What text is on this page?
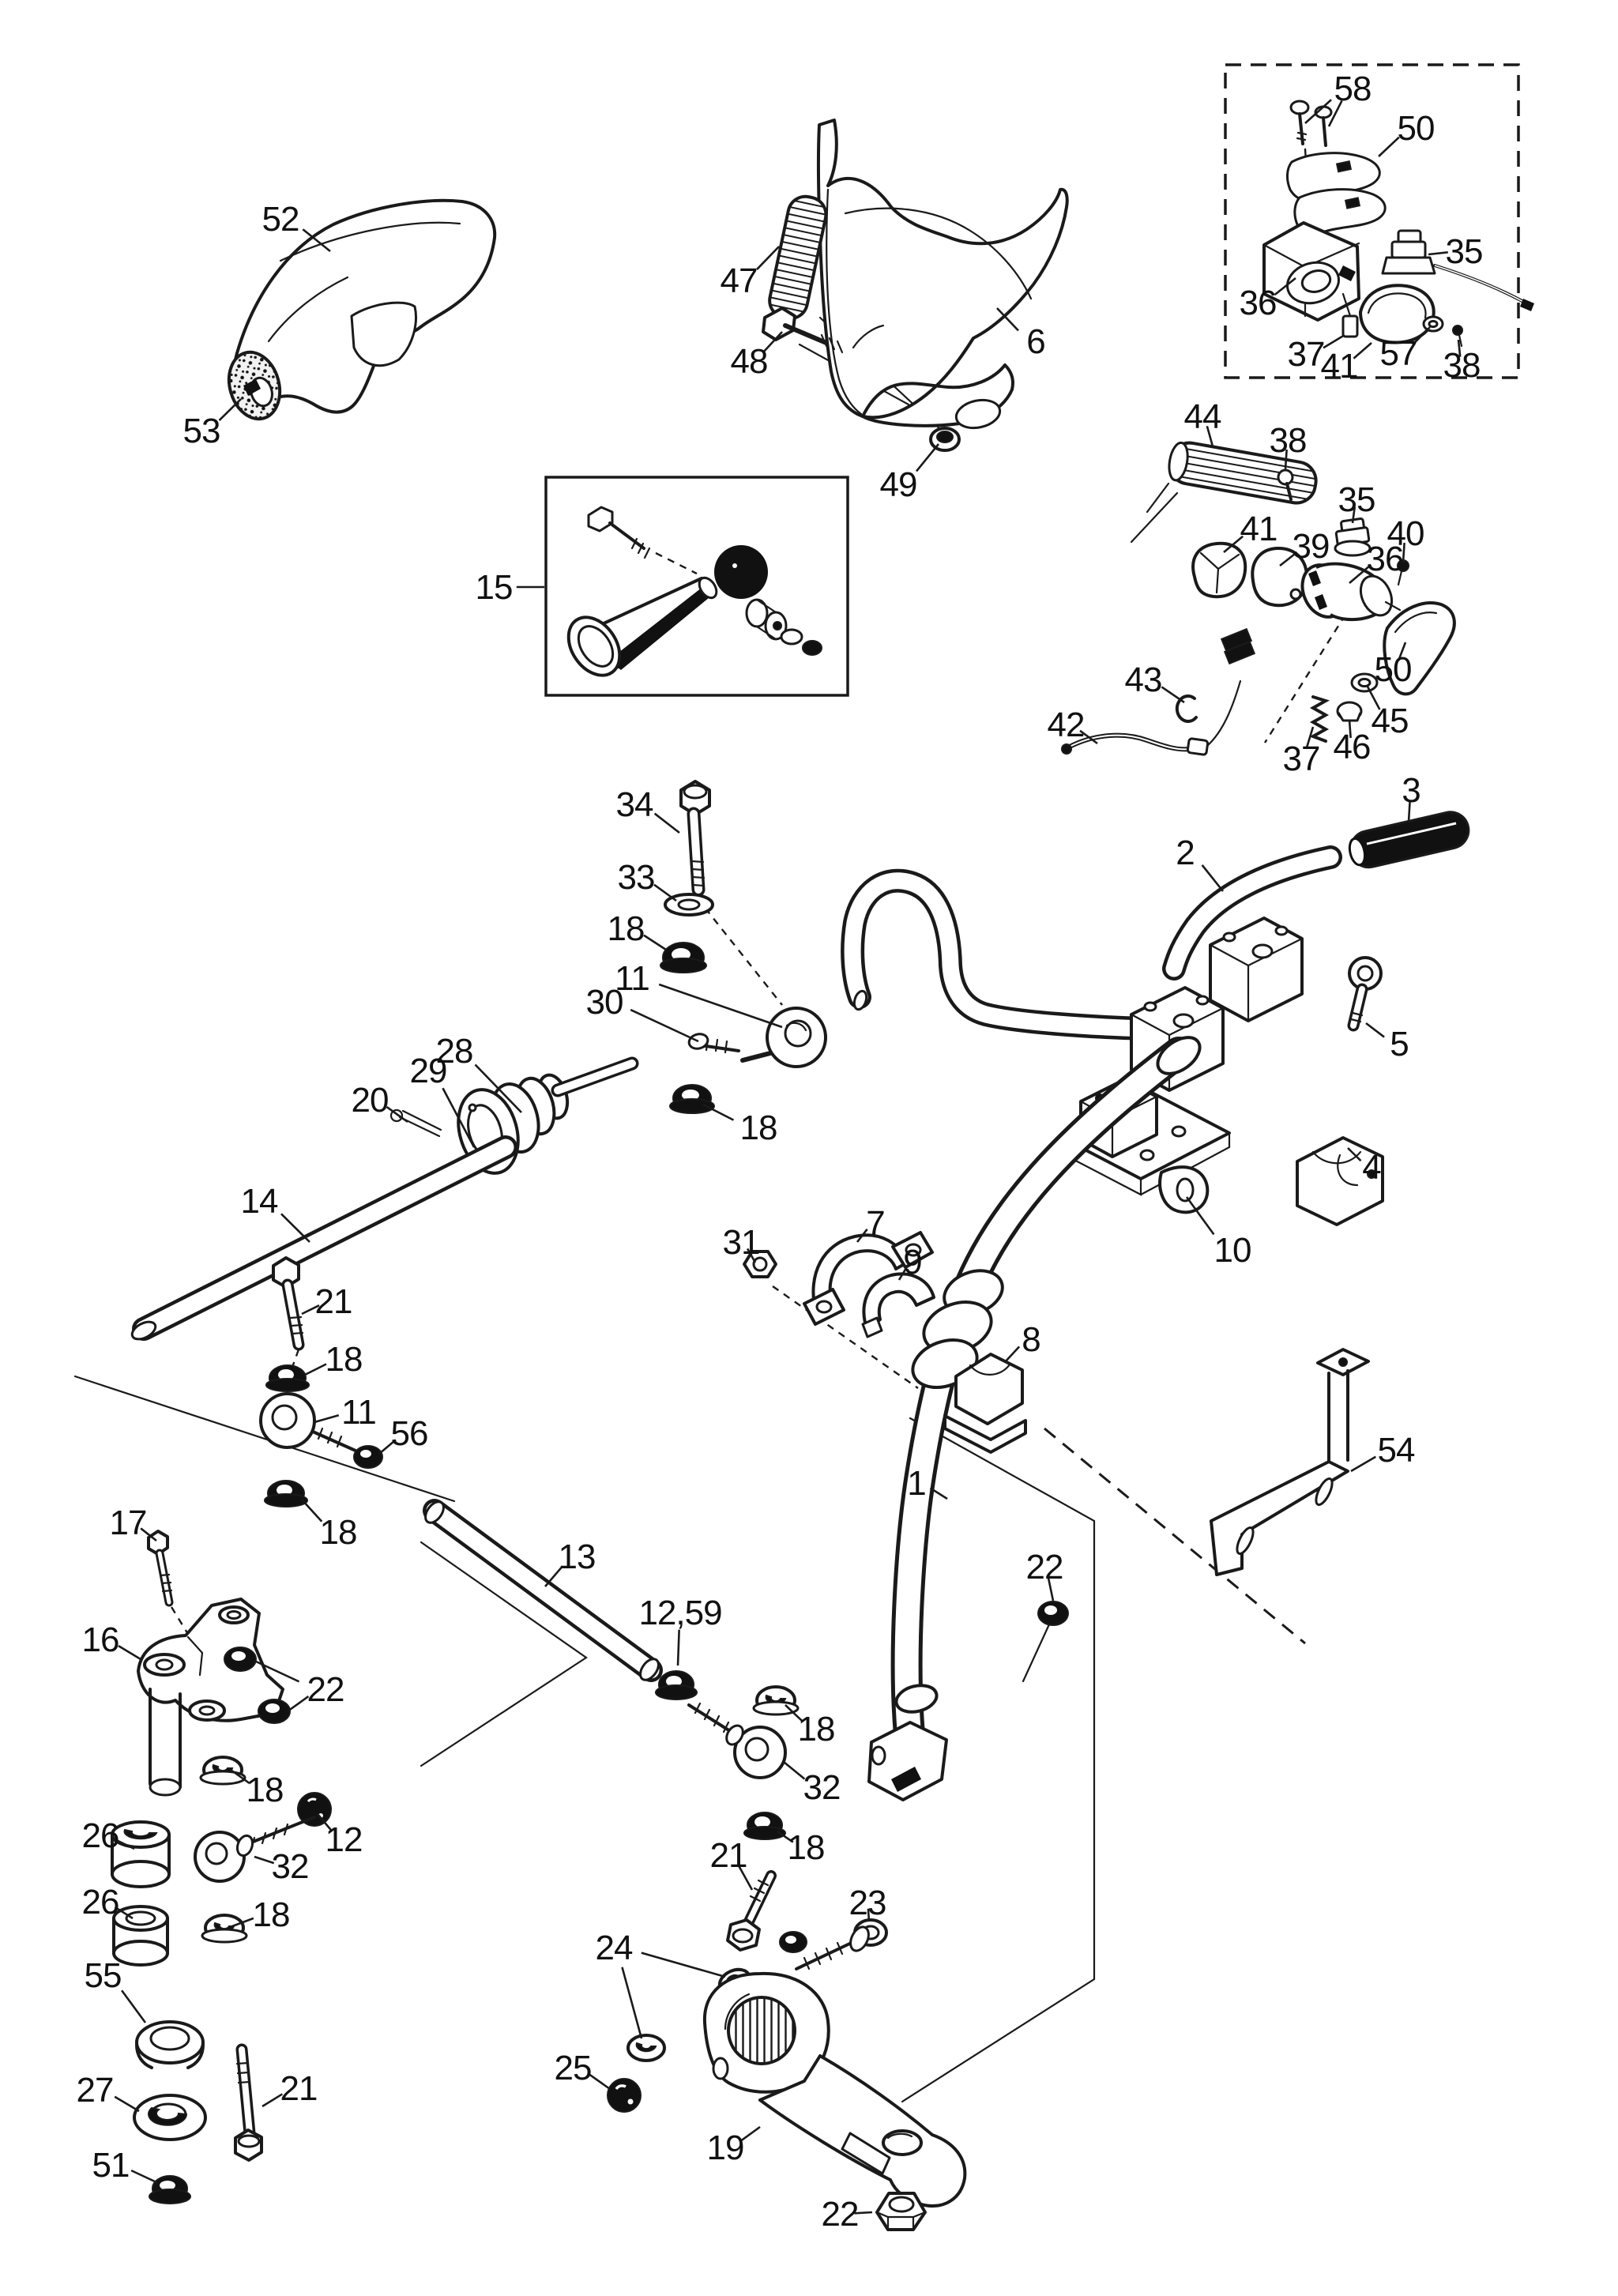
52
53
47
48
6
49
58
50
35
36
37
41 57 38
15
44
38
35
41 39 36
40
50
43
42	45
46
37
3
2
5
4
10
34
33
18
11
30
28
29
20
18
14
21
18
11
56
18
17
16
22
18
12
32
26
26	18
55
27	21
51
13
12,59
1
22
18
32
18
21
23
24
25
19
22
54
31	7
9
8
